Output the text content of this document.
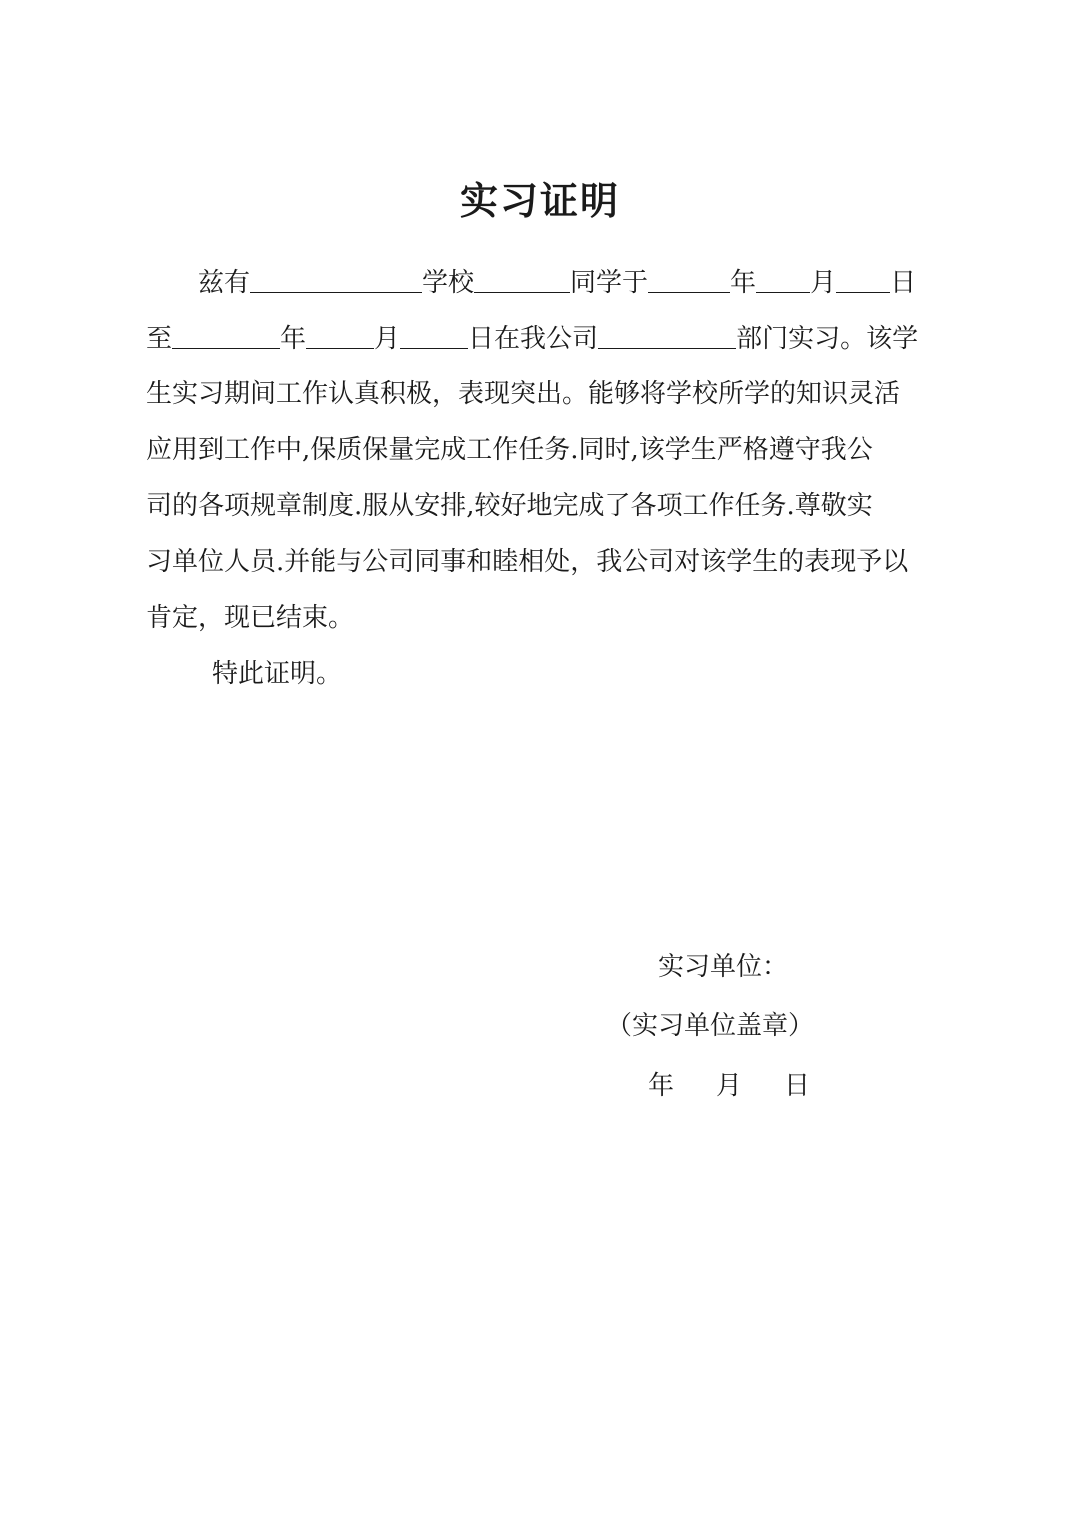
实习证明
兹有	学校	同学于	年 月 日
至	年	月	日在我公司	部门实习。该学
生实习期间工作认真积极，表现突出。能够将学校所学的知识灵活
应用到工作中,保质保量完成工作任务.同时,该学生严格遵守我公
司的各项规章制度.服从安排,较好地完成了各项工作任务.尊敬实
习单位人员.并能与公司同事和睦相处，我公司对该学生的表现予以
肯定，现已结束。
特此证明。
实习单位：
（实习单位盖章）
年 月 日
